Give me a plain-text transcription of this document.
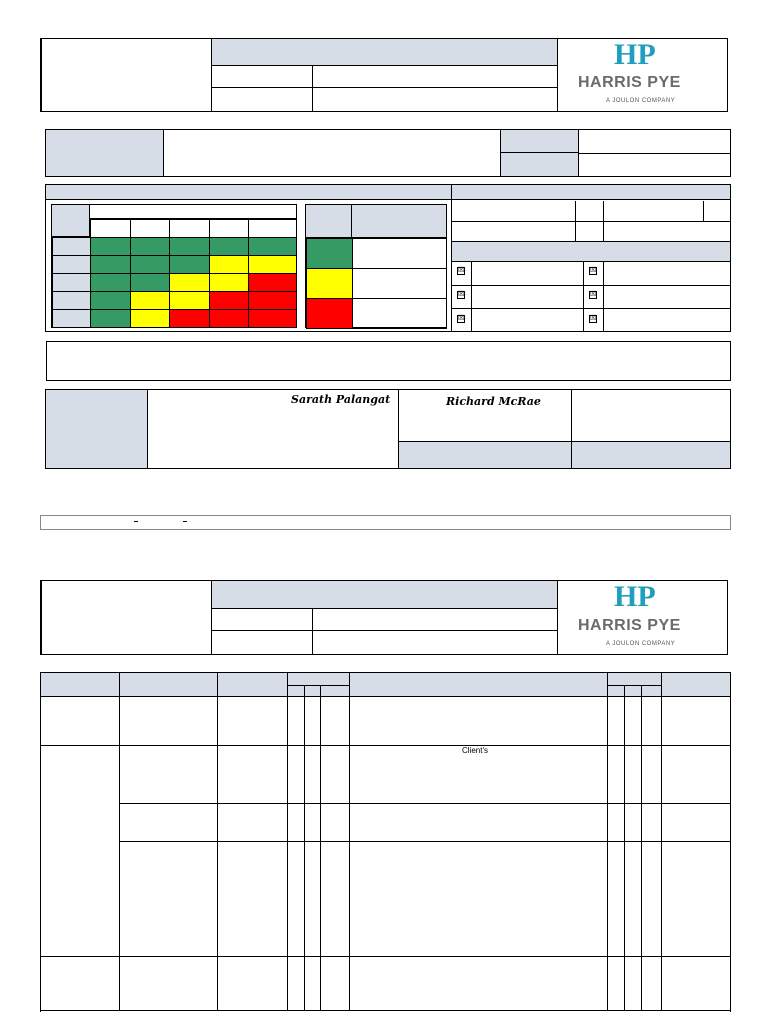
HP
HARRIS PYE
A JOULON COMPANY
☒
☒
☒
☒
☒
☒
Sarath Palangat	Richard McRae
HP
HARRIS PYE
A JOULON COMPANY
Client's
